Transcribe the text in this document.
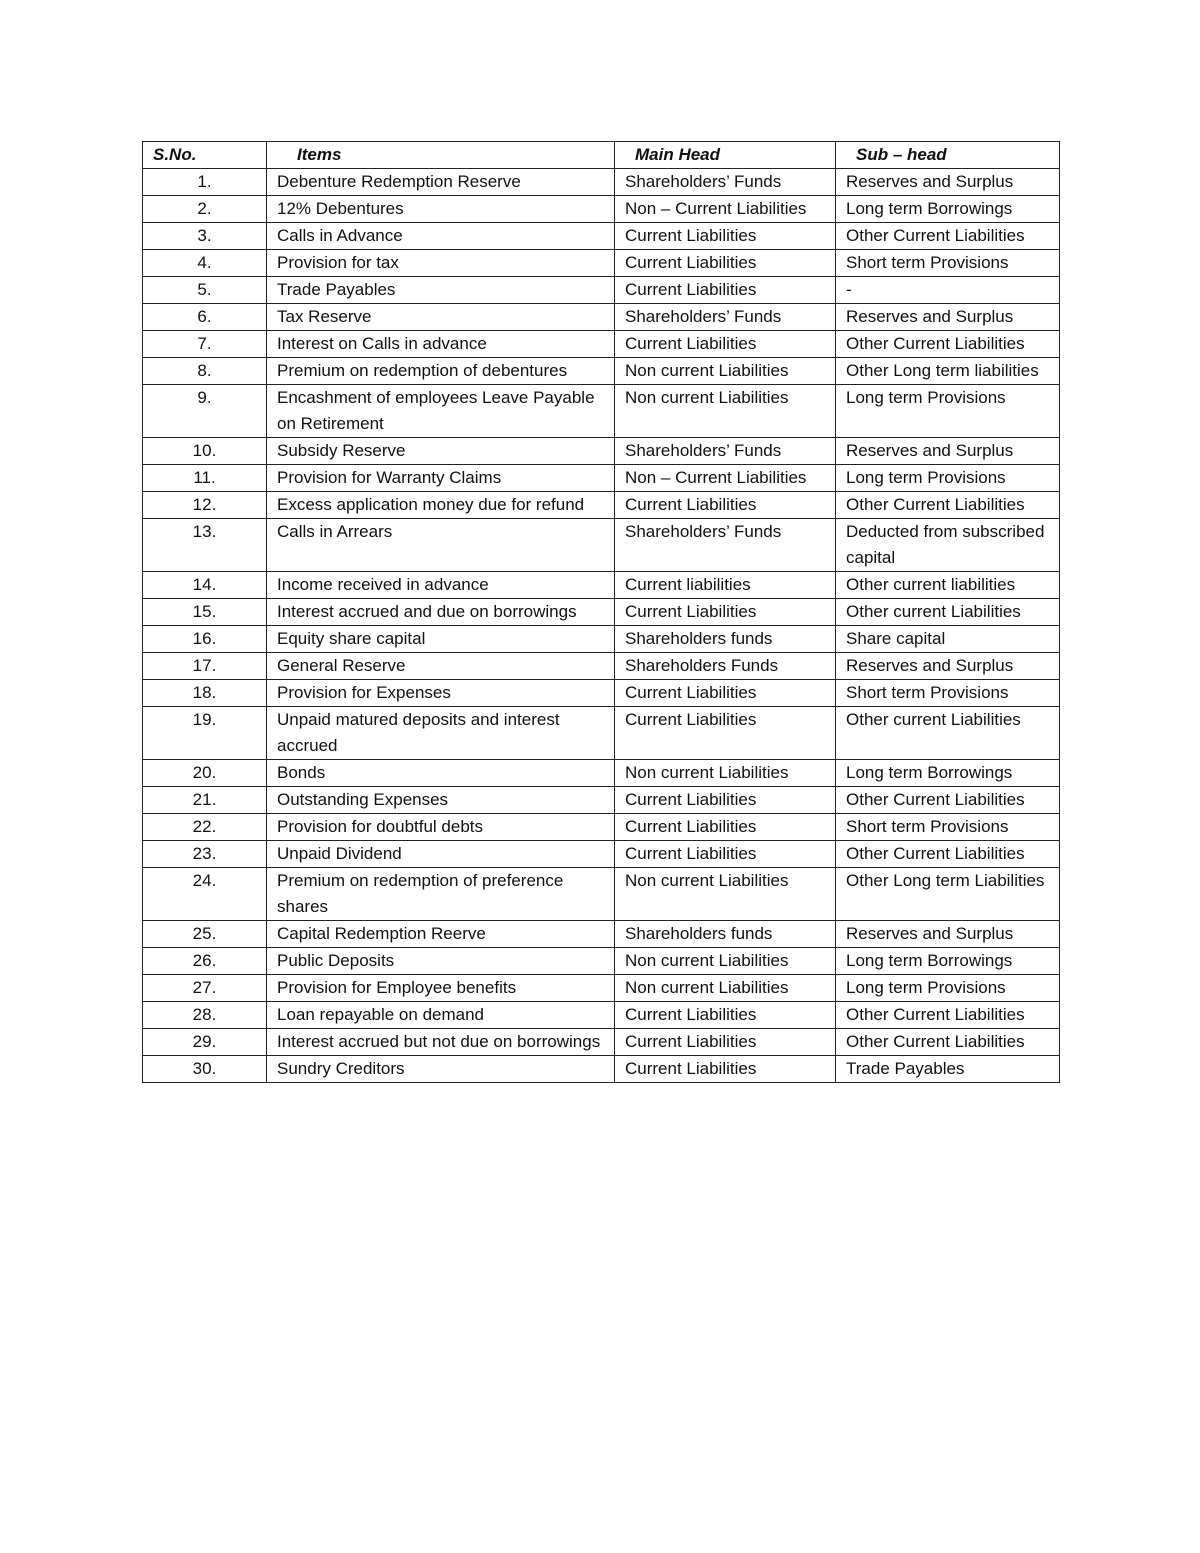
S.No.	Items	Main Head	Sub – head
1.	Debenture Redemption Reserve	Shareholders’ Funds	Reserves and Surplus
2.	12% Debentures	Non – Current Liabilities	Long term Borrowings
3.	Calls in Advance	Current Liabilities	Other Current Liabilities
4.	Provision for tax	Current Liabilities	Short term Provisions
5.	Trade Payables	Current Liabilities	-
6.	Tax Reserve	Shareholders’ Funds	Reserves and Surplus
7.	Interest on Calls in advance	Current Liabilities	Other Current Liabilities
8.	Premium on redemption of debentures	Non current Liabilities	Other Long term liabilities
9.	Encashment of employees Leave Payable on Retirement	Non current Liabilities	Long term Provisions
10.	Subsidy Reserve	Shareholders’ Funds	Reserves and Surplus
11.	Provision for Warranty Claims	Non – Current Liabilities	Long term Provisions
12.	Excess application money due for refund	Current Liabilities	Other Current Liabilities
13.	Calls in Arrears	Shareholders’ Funds	Deducted from subscribed capital
14.	Income received in advance	Current liabilities	Other current liabilities
15.	Interest accrued and due on borrowings	Current Liabilities	Other current Liabilities
16.	Equity share capital	Shareholders funds	Share capital
17.	General Reserve	Shareholders Funds	Reserves and Surplus
18.	Provision for Expenses	Current Liabilities	Short term Provisions
19.	Unpaid matured deposits and interest accrued	Current Liabilities	Other current Liabilities
20.	Bonds	Non current Liabilities	Long term Borrowings
21.	Outstanding Expenses	Current Liabilities	Other Current Liabilities
22.	Provision for doubtful debts	Current Liabilities	Short term Provisions
23.	Unpaid Dividend	Current Liabilities	Other Current Liabilities
24.	Premium on redemption of preference shares	Non current Liabilities	Other Long term Liabilities
25.	Capital Redemption Reerve	Shareholders funds	Reserves and Surplus
26.	Public Deposits	Non current Liabilities	Long term Borrowings
27.	Provision for Employee benefits	Non current Liabilities	Long term Provisions
28.	Loan repayable on demand	Current Liabilities	Other Current Liabilities
29.	Interest accrued but not due on borrowings	Current Liabilities	Other Current Liabilities
30.	Sundry Creditors	Current Liabilities	Trade Payables
